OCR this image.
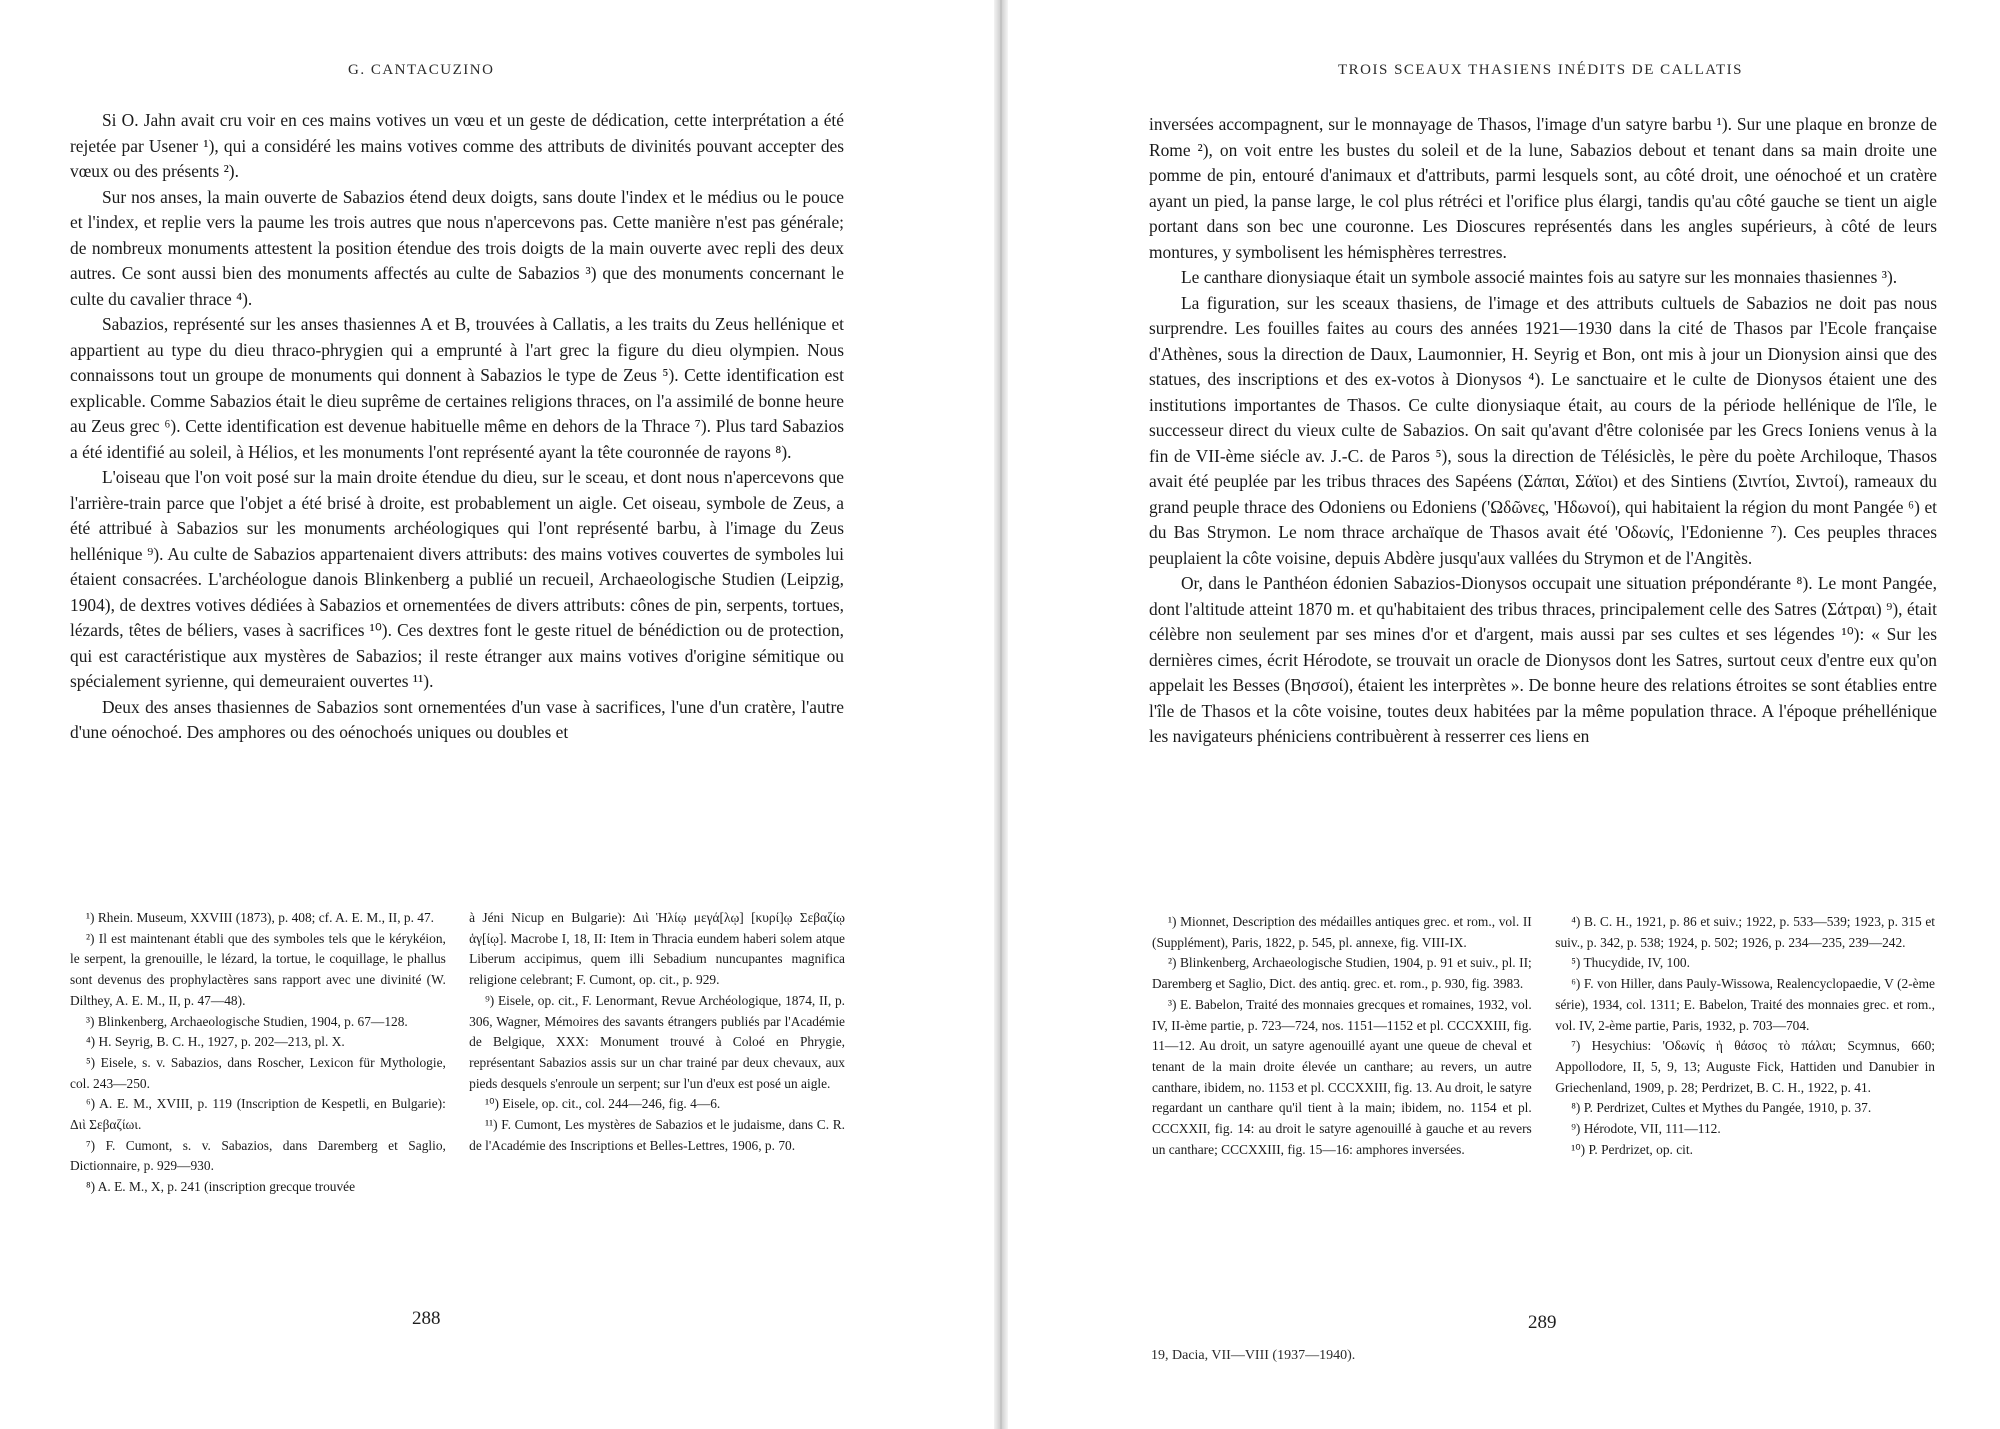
G. CANTACUZINO

Si O. Jahn avait cru voir en ces mains votives un vœu et un geste de dédication, cette interprétation a été rejetée par Usener ¹), qui a considéré les mains votives comme des attributs de divinités pouvant accepter des vœux ou des présents ²).

Sur nos anses, la main ouverte de Sabazios étend deux doigts, sans doute l'index et le médius ou le pouce et l'index, et replie vers la paume les trois autres que nous n'apercevons pas. Cette manière n'est pas générale; de nombreux monuments attestent la position étendue des trois doigts de la main ouverte avec repli des deux autres. Ce sont aussi bien des monuments affectés au culte de Sabazios ³) que des monuments concernant le culte du cavalier thrace ⁴).

Sabazios, représenté sur les anses thasiennes A et B, trouvées à Callatis, a les traits du Zeus hellénique et appartient au type du dieu thraco-phrygien qui a emprunté à l'art grec la figure du dieu olympien. Nous connaissons tout un groupe de monuments qui donnent à Sabazios le type de Zeus ⁵). Cette identification est explicable. Comme Sabazios était le dieu suprême de certaines religions thraces, on l'a assimilé de bonne heure au Zeus grec ⁶). Cette identification est devenue habituelle même en dehors de la Thrace ⁷). Plus tard Sabazios a été identifié au soleil, à Hélios, et les monuments l'ont représenté ayant la tête couronnée de rayons ⁸).

L'oiseau que l'on voit posé sur la main droite étendue du dieu, sur le sceau, et dont nous n'apercevons que l'arrière-train parce que l'objet a été brisé à droite, est probablement un aigle. Cet oiseau, symbole de Zeus, a été attribué à Sabazios sur les monuments archéologiques qui l'ont représenté barbu, à l'image du Zeus hellénique ⁹). Au culte de Sabazios appartenaient divers attributs: des mains votives couvertes de symboles lui étaient consacrées. L'archéologue danois Blinkenberg a publié un recueil, Archaeologische Studien (Leipzig, 1904), de dextres votives dédiées à Sabazios et ornementées de divers attributs: cônes de pin, serpents, tortues, lézards, têtes de béliers, vases à sacrifices ¹⁰). Ces dextres font le geste rituel de bénédiction ou de protection, qui est caractéristique aux mystères de Sabazios; il reste étranger aux mains votives d'origine sémitique ou spécialement syrienne, qui demeuraient ouvertes ¹¹).

Deux des anses thasiennes de Sabazios sont ornementées d'un vase à sacrifices, l'une d'un cratère, l'autre d'une oénochoé. Des amphores ou des oénochoés uniques ou doubles et

¹) Rhein. Museum, XXVIII (1873), p. 408; cf. A. E. M., II, p. 47.

²) Il est maintenant établi que des symboles tels que le kérykéion, le serpent, la grenouille, le lézard, la tortue, le coquillage, le phallus sont devenus des prophylactères sans rapport avec une divinité (W. Dilthey, A. E. M., II, p. 47—48).

³) Blinkenberg, Archaeologische Studien, 1904, p. 67—128.

⁴) H. Seyrig, B. C. H., 1927, p. 202—213, pl. X.

⁵) Eisele, s. v. Sabazios, dans Roscher, Lexicon für Mythologie, col. 243—250.

⁶) A. E. M., XVIII, p. 119 (Inscription de Kespetli, en Bulgarie): Διὶ Σεβαζίωι.

⁷) F. Cumont, s. v. Sabazios, dans Daremberg et Saglio, Dictionnaire, p. 929—930.

⁸) A. E. M., X, p. 241 (inscription grecque trouvée

à Jéni Nicup en Bulgarie): Διὶ Ἡλίῳ μεγά[λῳ] [κυρί]ῳ Σεβαζίῳ ἁγ[ίῳ]. Macrobe I, 18, II: Item in Thracia eundem haberi solem atque Liberum accipimus, quem illi Sebadium nuncupantes magnifica religione celebrant; F. Cumont, op. cit., p. 929.

⁹) Eisele, op. cit., F. Lenormant, Revue Archéologique, 1874, II, p. 306, Wagner, Mémoires des savants étrangers publiés par l'Académie de Belgique, XXX: Monument trouvé à Coloé en Phrygie, représentant Sabazios assis sur un char trainé par deux chevaux, aux pieds desquels s'enroule un serpent; sur l'un d'eux est posé un aigle.

¹⁰) Eisele, op. cit., col. 244—246, fig. 4—6.

¹¹) F. Cumont, Les mystères de Sabazios et le judaisme, dans C. R. de l'Académie des Inscriptions et Belles-Lettres, 1906, p. 70.

288
TROIS SCEAUX THASIENS INÉDITS DE CALLATIS

inversées accompagnent, sur le monnayage de Thasos, l'image d'un satyre barbu ¹). Sur une plaque en bronze de Rome ²), on voit entre les bustes du soleil et de la lune, Sabazios debout et tenant dans sa main droite une pomme de pin, entouré d'animaux et d'attributs, parmi lesquels sont, au côté droit, une oénochoé et un cratère ayant un pied, la panse large, le col plus rétréci et l'orifice plus élargi, tandis qu'au côté gauche se tient un aigle portant dans son bec une couronne. Les Dioscures représentés dans les angles supérieurs, à côté de leurs montures, y symbolisent les hémisphères terrestres.

Le canthare dionysiaque était un symbole associé maintes fois au satyre sur les monnaies thasiennes ³).

La figuration, sur les sceaux thasiens, de l'image et des attributs cultuels de Sabazios ne doit pas nous surprendre. Les fouilles faites au cours des années 1921—1930 dans la cité de Thasos par l'Ecole française d'Athènes, sous la direction de Daux, Laumonnier, H. Seyrig et Bon, ont mis à jour un Dionysion ainsi que des statues, des inscriptions et des ex-votos à Dionysos ⁴). Le sanctuaire et le culte de Dionysos étaient une des institutions importantes de Thasos. Ce culte dionysiaque était, au cours de la période hellénique de l'île, le successeur direct du vieux culte de Sabazios. On sait qu'avant d'être colonisée par les Grecs Ioniens venus à la fin de VII-ème siécle av. J.-C. de Paros ⁵), sous la direction de Télésiclès, le père du poète Archiloque, Thasos avait été peuplée par les tribus thraces des Sapéens (Σάπαι, Σάϊοι) et des Sintiens (Σιντίοι, Σιντοί), rameaux du grand peuple thrace des Odoniens ou Edoniens ('Ωδῶνες, 'Ηδωνοί), qui habitaient la région du mont Pangée ⁶) et du Bas Strymon. Le nom thrace archaïque de Thasos avait été 'Οδωνίς, l'Edonienne ⁷). Ces peuples thraces peuplaient la côte voisine, depuis Abdère jusqu'aux vallées du Strymon et de l'Angitès.

Or, dans le Panthéon édonien Sabazios-Dionysos occupait une situation prépondérante ⁸). Le mont Pangée, dont l'altitude atteint 1870 m. et qu'habitaient des tribus thraces, principalement celle des Satres (Σάτραι) ⁹), était célèbre non seulement par ses mines d'or et d'argent, mais aussi par ses cultes et ses légendes ¹⁰): « Sur les dernières cimes, écrit Hérodote, se trouvait un oracle de Dionysos dont les Satres, surtout ceux d'entre eux qu'on appelait les Besses (Βησσοί), étaient les interprètes ». De bonne heure des relations étroites se sont établies entre l'île de Thasos et la côte voisine, toutes deux habitées par la même population thrace. A l'époque préhellénique les navigateurs phéniciens contribuèrent à resserrer ces liens en

¹) Mionnet, Description des médailles antiques grec. et rom., vol. II (Supplément), Paris, 1822, p. 545, pl. annexe, fig. VIII-IX.

²) Blinkenberg, Archaeologische Studien, 1904, p. 91 et suiv., pl. II; Daremberg et Saglio, Dict. des antiq. grec. et. rom., p. 930, fig. 3983.

³) E. Babelon, Traité des monnaies grecques et romaines, 1932, vol. IV, II-ème partie, p. 723—724, nos. 1151—1152 et pl. CCCXXIII, fig. 11—12. Au droit, un satyre agenouillé ayant une queue de cheval et tenant de la main droite élevée un canthare; au revers, un autre canthare, ibidem, no. 1153 et pl. CCCXXIII, fig. 13. Au droit, le satyre regardant un canthare qu'il tient à la main; ibidem, no. 1154 et pl. CCCXXII, fig. 14: au droit le satyre agenouillé à gauche et au revers un canthare; CCCXXIII, fig. 15—16: amphores inversées.

⁴) B. C. H., 1921, p. 86 et suiv.; 1922, p. 533—539; 1923, p. 315 et suiv., p. 342, p. 538; 1924, p. 502; 1926, p. 234—235, 239—242.

⁵) Thucydide, IV, 100.

⁶) F. von Hiller, dans Pauly-Wissowa, Realencyclopaedie, V (2-ème série), 1934, col. 1311; E. Babelon, Traité des monnaies grec. et rom., vol. IV, 2-ème partie, Paris, 1932, p. 703—704.

⁷) Hesychius: 'Οδωνίς ἡ θάσος τὸ πάλαι; Scymnus, 660; Appollodore, II, 5, 9, 13; Auguste Fick, Hattiden und Danubier in Griechenland, 1909, p. 28; Perdrizet, B. C. H., 1922, p. 41.

⁸) P. Perdrizet, Cultes et Mythes du Pangée, 1910, p. 37.

⁹) Hérodote, VII, 111—112.

¹⁰) P. Perdrizet, op. cit.

289
19, Dacia, VII—VIII (1937—1940).
